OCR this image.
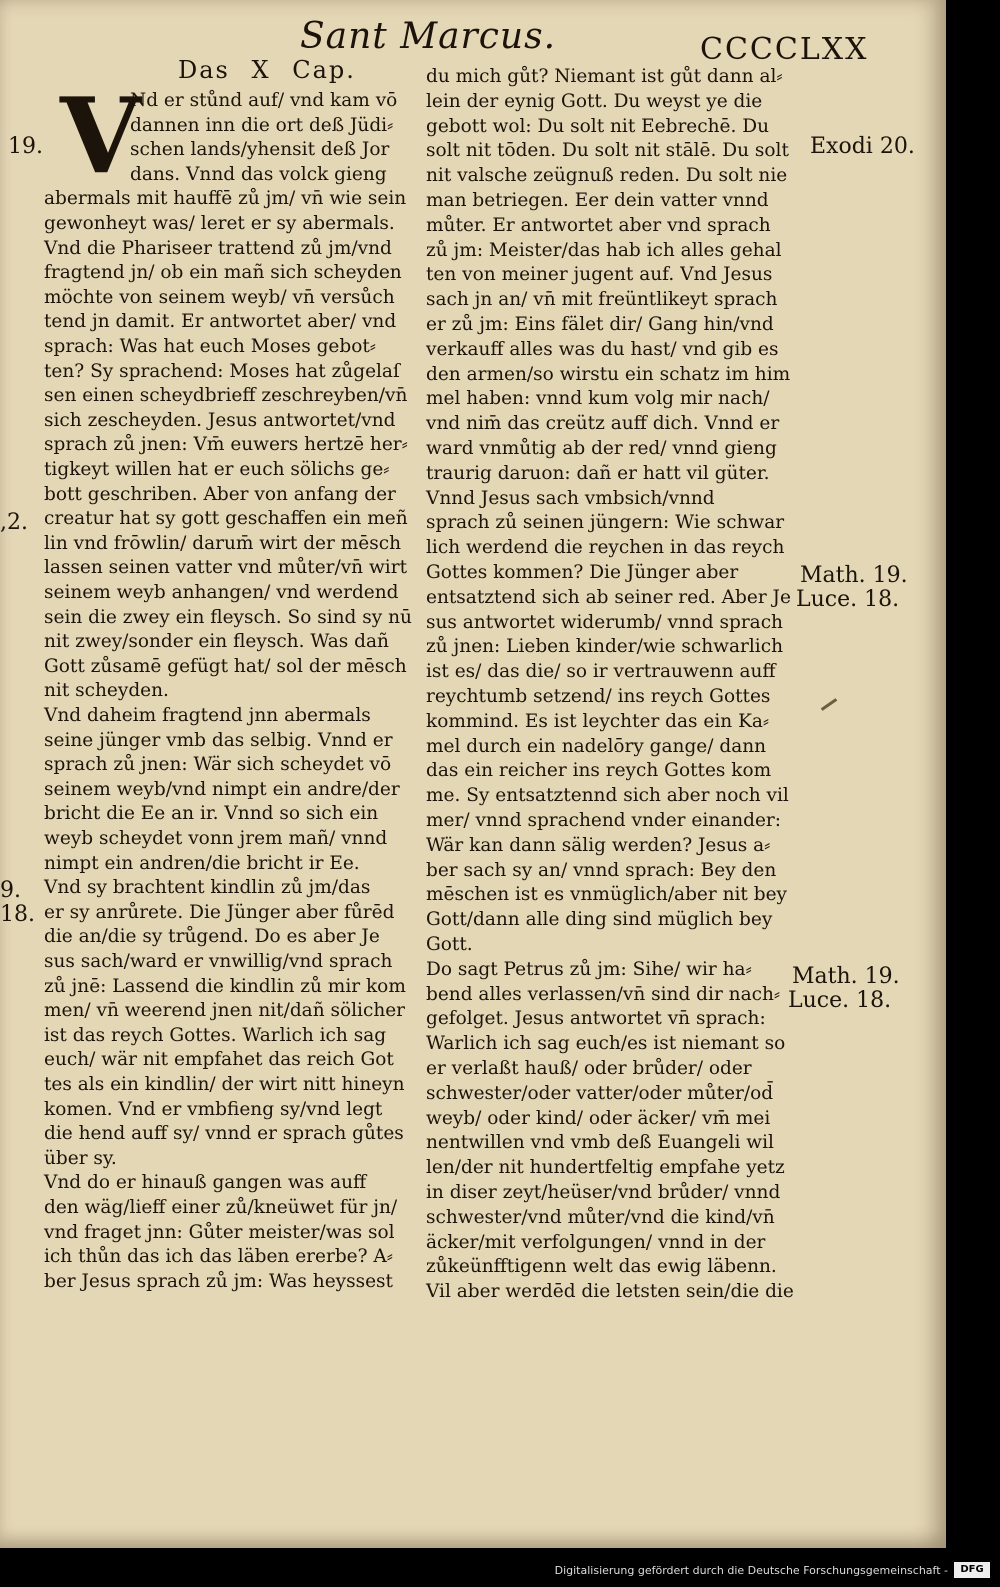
Sant Marcus.	CCCCLXX
Das X Cap.
V
Nd er stůnd auf/ vnd kam vō
dannen inn die ort deß Jüdi⸗
schen lands/yhensit deß Jor
dans. Vnnd das volck gieng
abermals mit hauffē zů jm/ vn̄ wie sein
gewonheyt was/ leret er sy abermals.
Vnd die Phariseer trattend zů jm/vnd
fragtend jn/ ob ein mañ sich scheyden
möchte von seinem weyb/ vn̄ versůch
tend jn damit. Er antwortet aber/ vnd
sprach: Was hat euch Moses gebot⸗
ten? Sy sprachend: Moses hat zůgelaſ
sen einen scheydbrieff zeschreyben/vn̄
sich zescheyden. Jesus antwortet/vnd
sprach zů jnen: Vm̄ euwers hertzē her⸗
tigkeyt willen hat er euch sölichs ge⸗
bott geschriben. Aber von anfang der
creatur hat sy gott geschaffen ein meñ
lin vnd frōwlin/ darum̄ wirt der mēsch
lassen seinen vatter vnd můter/vn̄ wirt
seinem weyb anhangen/ vnd werdend
sein die zwey ein fleysch. So sind sy nū
nit zwey/sonder ein fleysch. Was dañ
Gott zůsamē gefügt hat/ sol der mēsch
nit scheyden.
Vnd daheim fragtend jnn abermals
seine jünger vmb das selbig. Vnnd er
sprach zů jnen: Wär sich scheydet vō
seinem weyb/vnd nimpt ein andre/der
bricht die Ee an ir. Vnnd so sich ein
weyb scheydet vonn jrem mañ/ vnnd
nimpt ein andren/die bricht ir Ee.
Vnd sy brachtent kindlin zů jm/das
er sy anrůrete. Die Jünger aber fůrēd
die an/die sy trůgend. Do es aber Je
sus sach/ward er vnwillig/vnd sprach
zů jnē: Lassend die kindlin zů mir kom
men/ vn̄ weerend jnen nit/dañ sölicher
ist das reych Gottes. Warlich ich sag
euch/ wär nit empfahet das reich Got
tes als ein kindlin/ der wirt nitt hineyn
komen. Vnd er vmbfieng sy/vnd legt
die hend auff sy/ vnnd er sprach gůtes
über sy.
Vnd do er hinauß gangen was auff
den wäg/lieff einer zů/kneüwet für jn/
vnd fraget jnn: Gůter meister/was sol
ich thůn das ich das läben ererbe? A⸗
ber Jesus sprach zů jm: Was heyssest
du mich gůt? Niemant ist gůt dann al⸗
lein der eynig Gott. Du weyst ye die
gebott wol: Du solt nit Eebrechē. Du
solt nit tōden. Du solt nit stālē. Du solt
nit valsche zeügnuß reden. Du solt nie
man betriegen. Eer dein vatter vnnd
můter. Er antwortet aber vnd sprach
zů jm: Meister/das hab ich alles gehal
ten von meiner jugent auf. Vnd Jesus
sach jn an/ vn̄ mit freüntlikeyt sprach
er zů jm: Eins fälet dir/ Gang hin/vnd
verkauff alles was du hast/ vnd gib es
den armen/so wirstu ein schatz im him
mel haben: vnnd kum volg mir nach/
vnd nim̄ das creütz auff dich. Vnnd er
ward vnmůtig ab der red/ vnnd gieng
traurig daruon: dañ er hatt vil güter.
Vnnd Jesus sach vmbsich/vnnd
sprach zů seinen jüngern: Wie schwar
lich werdend die reychen in das reych
Gottes kommen? Die Jünger aber
entsatztend sich ab seiner red. Aber Je
sus antwortet widerumb/ vnnd sprach
zů jnen: Lieben kinder/wie schwarlich
ist es/ das die/ so ir vertrauwenn auff
reychtumb setzend/ ins reych Gottes
kommind. Es ist leychter das ein Ka⸗
mel durch ein nadelōry gange/ dann
das ein reicher ins reych Gottes kom
me. Sy entsatztennd sich aber noch vil
mer/ vnnd sprachend vnder einander:
Wär kan dann sälig werden? Jesus a⸗
ber sach sy an/ vnnd sprach: Bey den
mēschen ist es vnmüglich/aber nit bey
Gott/dann alle ding sind müglich bey
Gott.
Do sagt Petrus zů jm: Sihe/ wir ha⸗
bend alles verlassen/vn̄ sind dir nach⸗
gefolget. Jesus antwortet vn̄ sprach:
Warlich ich sag euch/es ist niemant so
er verlaßt hauß/ oder brůder/ oder
schwester/oder vatter/oder můter/od̄
weyb/ oder kind/ oder äcker/ vm̄ mei
nentwillen vnd vmb deß Euangeli wil
len/der nit hundertfeltig empfahe yetz
in diser zeyt/heüser/vnd brůder/ vnnd
schwester/vnd můter/vnd die kind/vn̄
äcker/mit verfolgungen/ vnnd in der
zůkeünfftigenn welt das ewig läbenn.
Vil aber werdēd die letsten sein/die die
19.
,2.
9.
18.
Exodi 20.
Math. 19.
Luce. 18.
Math. 19.
Luce. 18.
Digitalisierung gefördert durch die Deutsche Forschungsgemeinschaft -	DFG
